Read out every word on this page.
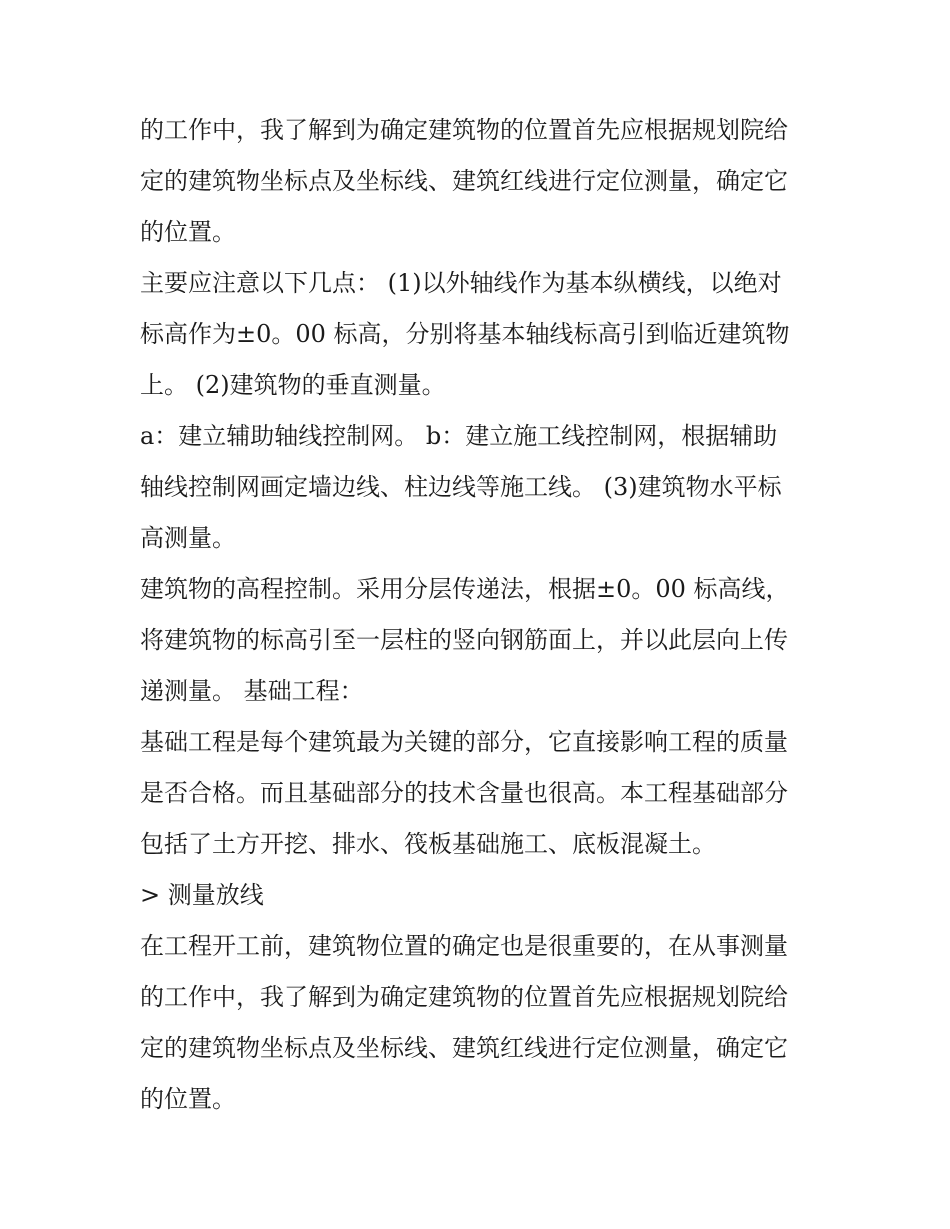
的工作中，我了解到为确定建筑物的位置首先应根据规划院给
定的建筑物坐标点及坐标线、建筑红线进行定位测量，确定它
的位置。

主要应注意以下几点： (1)以外轴线作为基本纵横线，以绝对
标高作为±0。00 标高，分别将基本轴线标高引到临近建筑物
上。 (2)建筑物的垂直测量。

a：建立辅助轴线控制网。 b：建立施工线控制网，根据辅助
轴线控制网画定墙边线、柱边线等施工线。 (3)建筑物水平标
高测量。

建筑物的高程控制。采用分层传递法，根据±0。00 标高线，
将建筑物的标高引至一层柱的竖向钢筋面上，并以此层向上传
递测量。 基础工程：

基础工程是每个建筑最为关键的部分，它直接影响工程的质量
是否合格。而且基础部分的技术含量也很高。本工程基础部分
包括了土方开挖、排水、筏板基础施工、底板混凝土。

> 测量放线

在工程开工前，建筑物位置的确定也是很重要的，在从事测量
的工作中，我了解到为确定建筑物的位置首先应根据规划院给
定的建筑物坐标点及坐标线、建筑红线进行定位测量，确定它
的位置。
